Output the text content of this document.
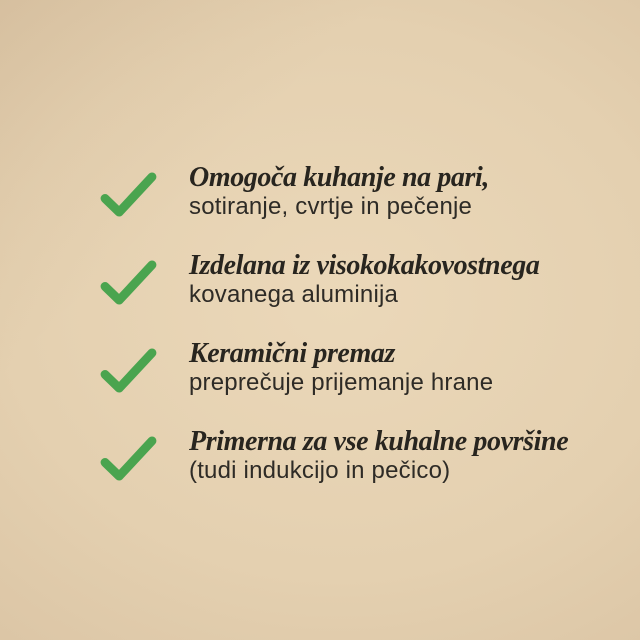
Omogoča kuhanje na pari,
sotiranje, cvrtje in pečenje
Izdelana iz visokokakovostnega
kovanega aluminija
Keramični premaz
preprečuje prijemanje hrane
Primerna za vse kuhalne površine
(tudi indukcijo in pečico)
